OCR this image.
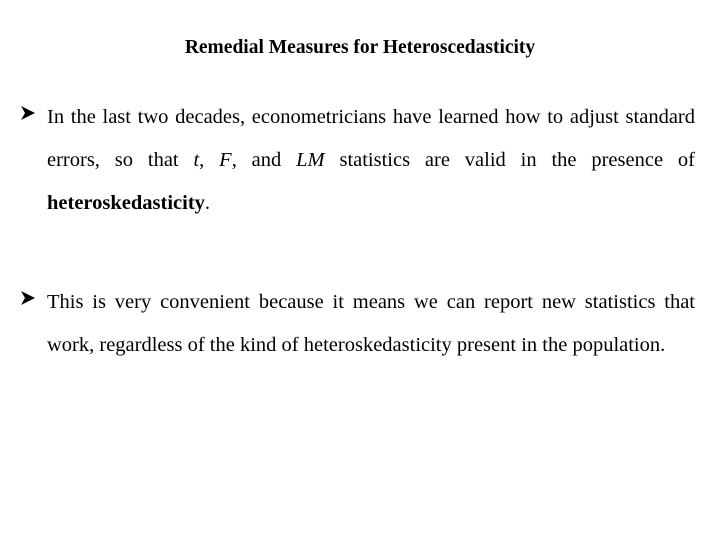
Remedial Measures for Heteroscedasticity
In the last two decades, econometricians have learned how to adjust standard errors, so that t, F, and LM statistics are valid in the presence of heteroskedasticity.
This is very convenient because it means we can report new statistics that work, regardless of the kind of heteroskedasticity present in the population.
